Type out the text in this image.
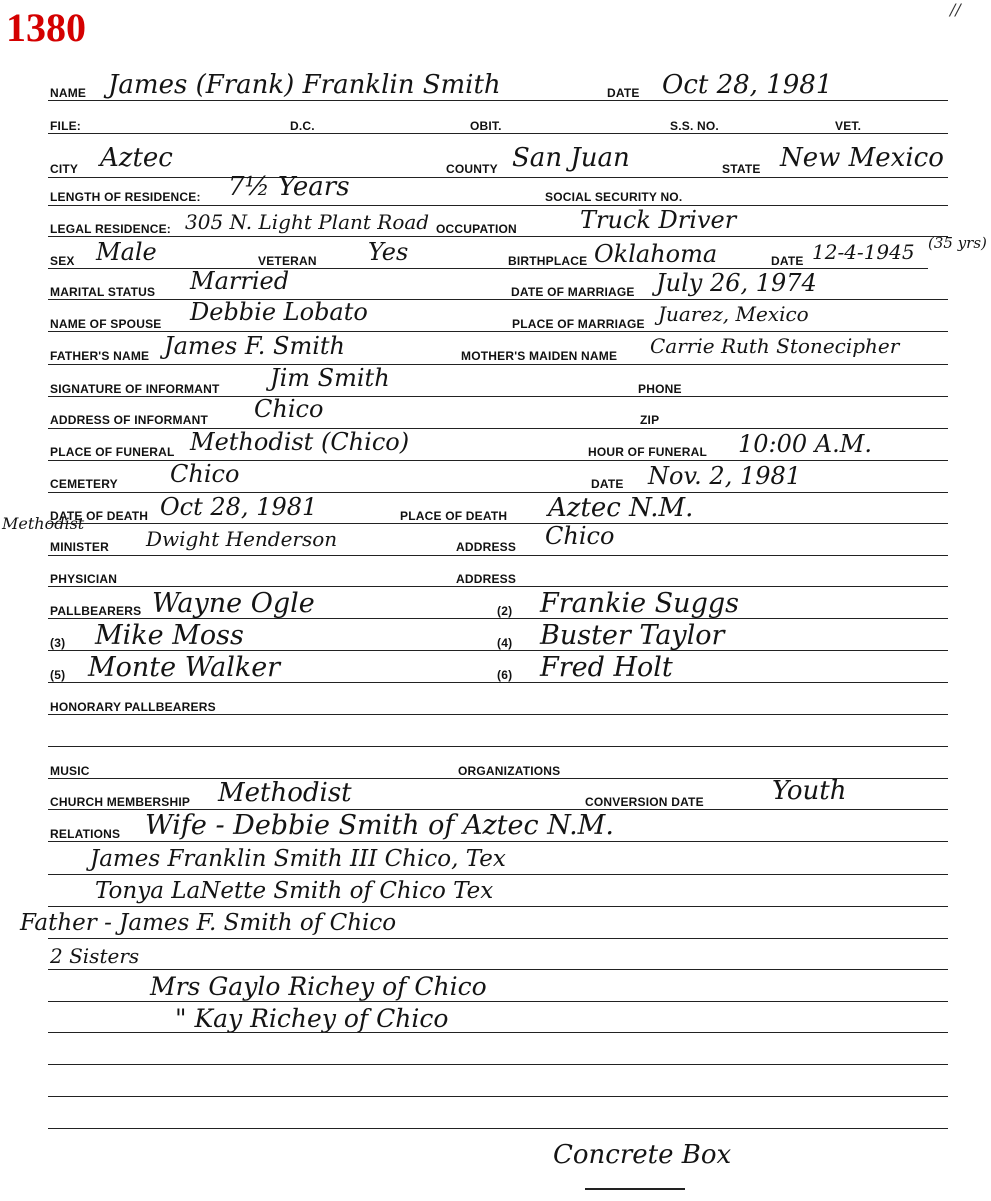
1380	//
NAME James (Frank) Franklin Smith	DATE Oct 28, 1981
FILE:	D.C.	OBIT.	S.S. NO.	VET.
CITY Aztec	COUNTY San Juan	STATE New Mexico
LENGTH OF RESIDENCE: 7½ Years	SOCIAL SECURITY NO.
LEGAL RESIDENCE: 305 N. Light Plant Road OCCUPATION	Truck Driver
SEX Male	VETERAN Yes	BIRTHPLACE Oklahoma	DATE 12-4-1945 (35 yrs)
MARITAL STATUS Married	DATE OF MARRIAGE July 26, 1974
NAME OF SPOUSE Debbie Lobato	PLACE OF MARRIAGE Juarez, Mexico
FATHER'S NAME James F. Smith	MOTHER'S MAIDEN NAME Carrie Ruth Stonecipher
SIGNATURE OF INFORMANT Jim Smith	PHONE
ADDRESS OF INFORMANT Chico	ZIP
PLACE OF FUNERAL Methodist (Chico)	HOUR OF FUNERAL 10:00 A.M.
CEMETERY Chico	DATE Nov. 2, 1981
DATE OF DEATH Oct 28, 1981	PLACE OF DEATH Aztec N.M.
Methodist
MINISTER Dwight Henderson	ADDRESS Chico
PHYSICIAN	ADDRESS
PALLBEARERS Wayne Ogle	(2) Frankie Suggs
(3) Mike Moss	(4) Buster Taylor
(5) Monte Walker	(6) Fred Holt
HONORARY PALLBEARERS
MUSIC	ORGANIZATIONS
CHURCH MEMBERSHIP Methodist	CONVERSION DATE	Youth
RELATIONS Wife - Debbie Smith of Aztec N.M.
James Franklin Smith III Chico, Tex
Tonya LaNette Smith of Chico Tex
Father - James F. Smith of Chico
2 Sisters
Mrs Gaylo Richey of Chico
" Kay Richey of Chico
Concrete Box
